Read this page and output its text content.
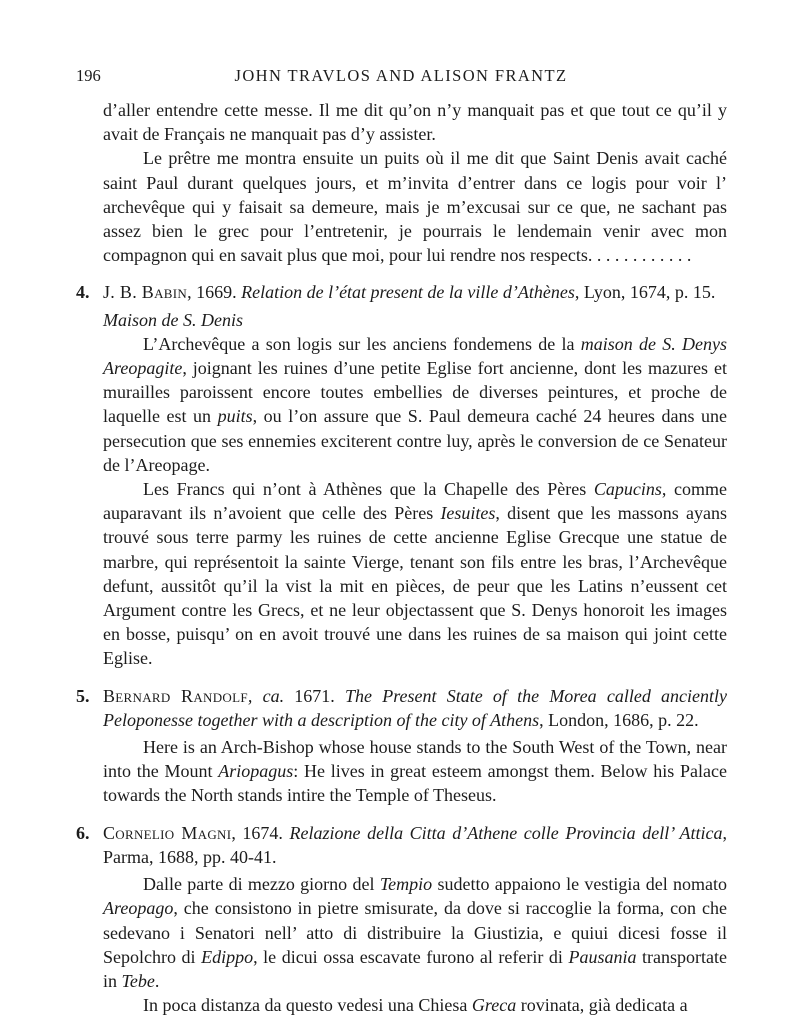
196	JOHN TRAVLOS AND ALISON FRANTZ

d’aller entendre cette messe. Il me dit qu’on n’y manquait pas et que tout ce qu’il y avait de Français ne manquait pas d’y assister.

Le prêtre me montra ensuite un puits où il me dit que Saint Denis avait caché saint Paul durant quelques jours, et m’invita d’entrer dans ce logis pour voir l’ archevêque qui y faisait sa demeure, mais je m’excusai sur ce que, ne sachant pas assez bien le grec pour l’entretenir, je pourrais le lendemain venir avec mon compagnon qui en savait plus que moi, pour lui rendre nos respects. . . . . . . . . . . .

4. J. B. Babin, 1669. Relation de l’état present de la ville d’Athènes, Lyon, 1674, p. 15.

Maison de S. Denis

L’Archevêque a son logis sur les anciens fondemens de la maison de S. Denys Areopagite, joignant les ruines d’une petite Eglise fort ancienne, dont les mazures et murailles paroissent encore toutes embellies de diverses peintures, et proche de laquelle est un puits, ou l’on assure que S. Paul demeura caché 24 heures dans une persecution que ses ennemies exciterent contre luy, après le conversion de ce Senateur de l’Areopage.

Les Francs qui n’ont à Athènes que la Chapelle des Pères Capucins, comme auparavant ils n’avoient que celle des Pères Iesuites, disent que les massons ayans trouvé sous terre parmy les ruines de cette ancienne Eglise Grecque une statue de marbre, qui représentoit la sainte Vierge, tenant son fils entre les bras, l’Archevêque defunt, aussitôt qu’il la vist la mit en pièces, de peur que les Latins n’eussent cet Argument contre les Grecs, et ne leur objectassent que S. Denys honoroit les images en bosse, puisqu’ on en avoit trouvé une dans les ruines de sa maison qui joint cette Eglise.

5. Bernard Randolf, ca. 1671. The Present State of the Morea called anciently Peloponesse together with a description of the city of Athens, London, 1686, p. 22.

Here is an Arch-Bishop whose house stands to the South West of the Town, near into the Mount Ariopagus: He lives in great esteem amongst them. Below his Palace towards the North stands intire the Temple of Theseus.

6. Cornelio Magni, 1674. Relazione della Citta d’Athene colle Provincia dell’ Attica, Parma, 1688, pp. 40-41.

Dalle parte di mezzo giorno del Tempio sudetto appaiono le vestigia del nomato Areopago, che consistono in pietre smisurate, da dove si raccoglie la forma, con che sedevano i Senatori nell’ atto di distribuire la Giustizia, e quiui dicesi fosse il Sepolchro di Edippo, le dicui ossa escavate furono al referir di Pausania transportate in Tebe.

In poca distanza da questo vedesi una Chiesa Greca rovinata, già dedicata a
